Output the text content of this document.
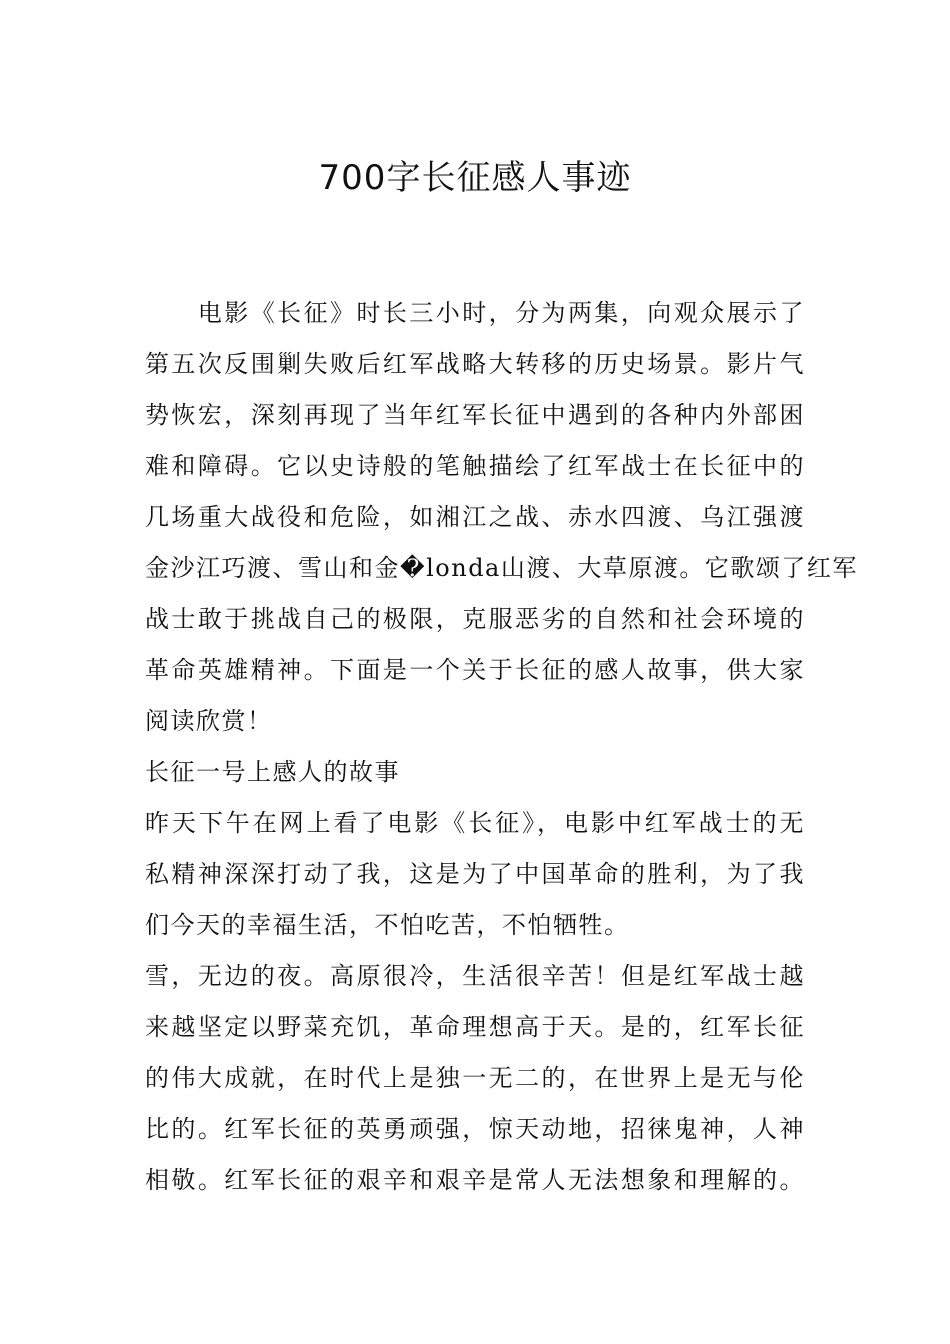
700字长征感人事迹
　　电影《长征》时长三小时，分为两集，向观众展示了
第五次反围剿失败后红军战略大转移的历史场景。影片气
势恢宏，深刻再现了当年红军长征中遇到的各种内外部困
难和障碍。它以史诗般的笔触描绘了红军战士在长征中的
几场重大战役和危险，如湘江之战、赤水四渡、乌江强渡
金沙江巧渡、雪山和金�londa山渡、大草原渡。它歌颂了红军
战士敢于挑战自己的极限，克服恶劣的自然和社会环境的
革命英雄精神。下面是一个关于长征的感人故事，供大家
阅读欣赏！
长征一号上感人的故事
昨天下午在网上看了电影《长征》，电影中红军战士的无
私精神深深打动了我，这是为了中国革命的胜利，为了我
们今天的幸福生活，不怕吃苦，不怕牺牲。
雪，无边的夜。高原很冷，生活很辛苦！但是红军战士越
来越坚定以野菜充饥，革命理想高于天。是的，红军长征
的伟大成就，在时代上是独一无二的，在世界上是无与伦
比的。红军长征的英勇顽强，惊天动地，招徕鬼神，人神
相敬。红军长征的艰辛和艰辛是常人无法想象和理解的。
